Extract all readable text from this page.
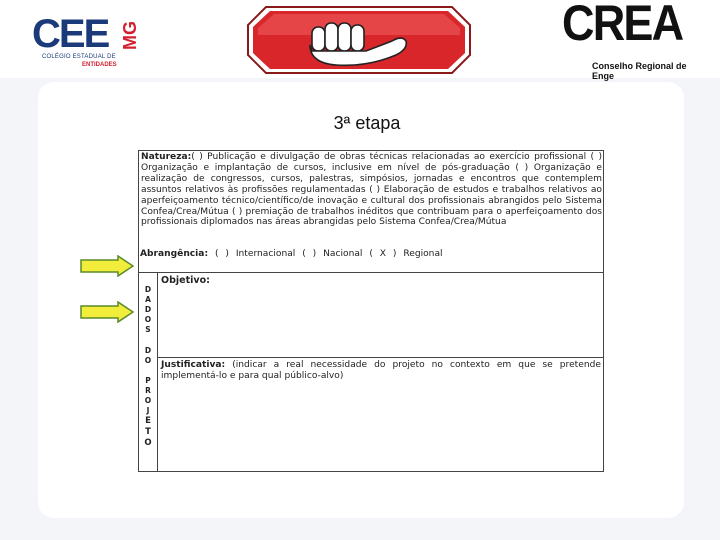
CEE MG
COLÉGIO ESTADUAL DE
ENTIDADES
CREA
Conselho Regional de Enge
3ª etapa
Natureza:( ) Publicação e divulgação de obras técnicas relacionadas ao exercício profissional ( ) Organização e implantação de cursos, inclusive em nível de pós-graduação ( ) Organização e realização de congressos, cursos, palestras, simpósios, jornadas e encontros que contemplem assuntos relativos às profissões regulamentadas ( ) Elaboração de estudos e trabalhos relativos ao aperfeiçoamento técnico/científico/de inovação e cultural dos profissionais abrangidos pelo Sistema Confea/Crea/Mútua ( ) premiação de trabalhos inéditos que contribuam para o aperfeiçoamento dos profissionais diplomados nas áreas abrangidas pelo Sistema Confea/Crea/Mútua
Abrangência: ( ) Internacional ( ) Nacional ( X ) Regional
D
A
D
O
S

D
O

P
R
O
J
E
T
O
Objetivo:
Justificativa: (indicar a real necessidade do projeto no contexto em que se pretende implementá-lo e para qual público-alvo)
